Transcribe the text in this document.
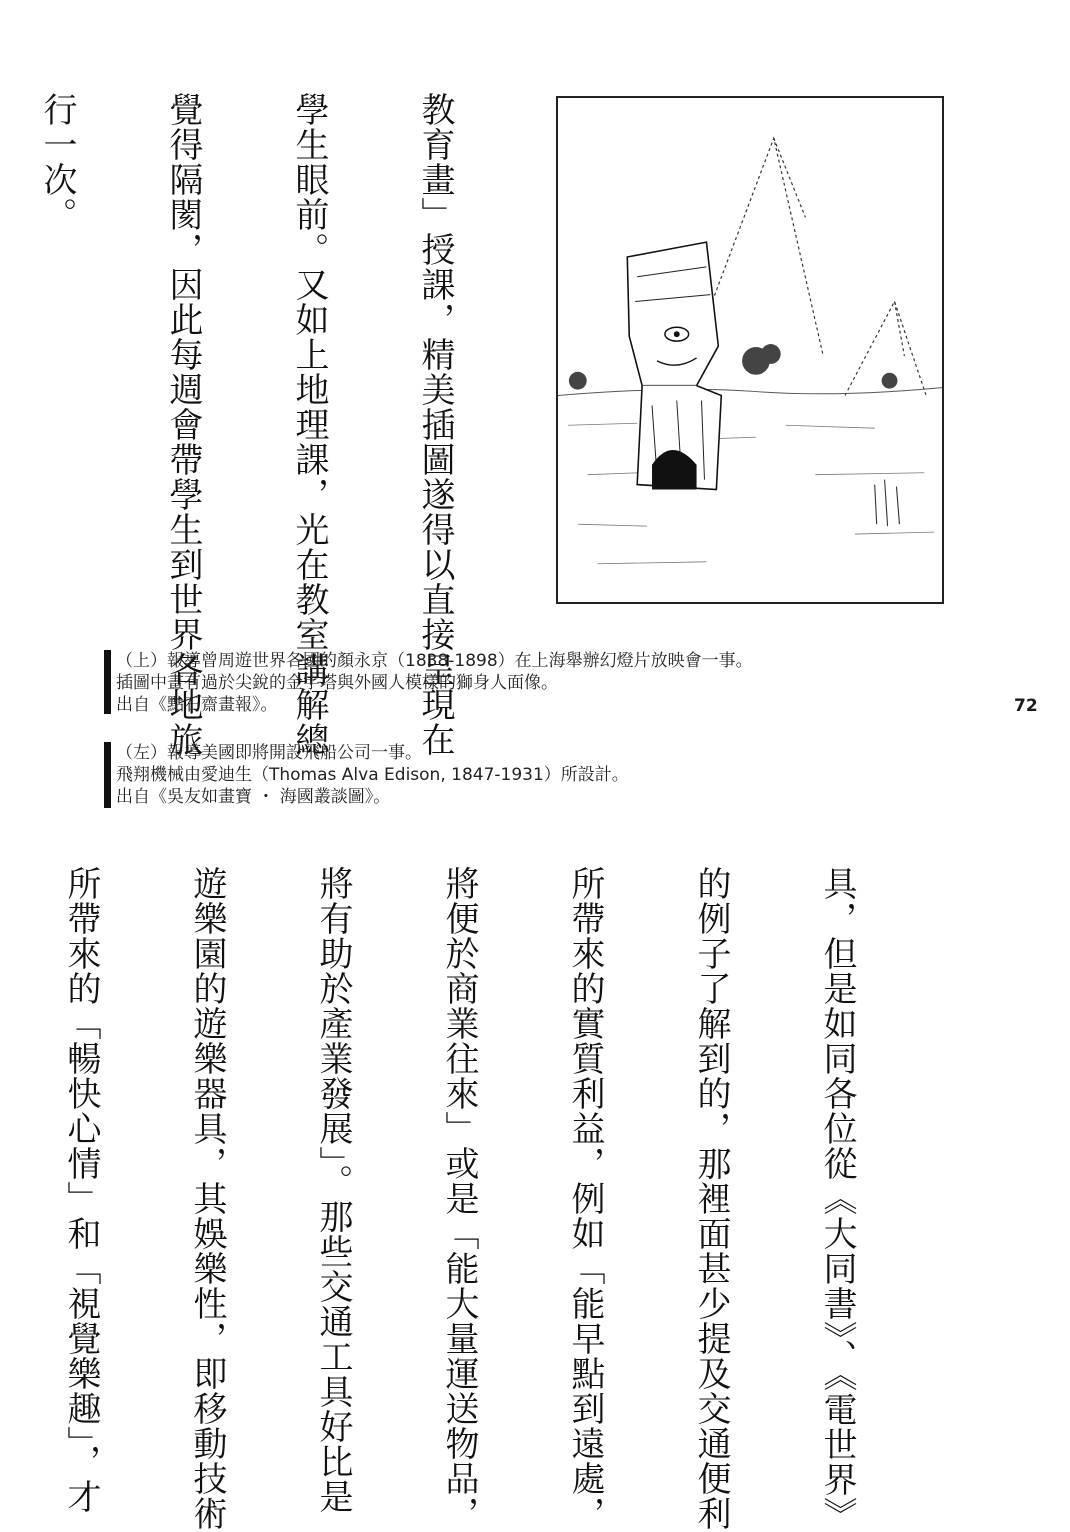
教育畫」授課，精美插圖遂得以直接呈現在

學生眼前。又如上地理課，光在教室講解總

覺得隔閡，因此每週會帶學生到世界各地旅

行一次。

（上）報導曾周遊世界各國的顏永京（1838-1898）在上海舉辦幻燈片放映會一事。
插圖中畫有過於尖銳的金字塔與外國人模樣的獅身人面像。
出自《點石齋畫報》。	72
（左）報導美國即將開設飛船公司一事。
飛翔機械由愛迪生（Thomas Alva Edison, 1847-1931）所設計。
出自《吳友如畫寶 ・ 海國叢談圖》。

具，但是如同各位從《大同書》、《電世界》

的例子了解到的，那裡面甚少提及交通便利

所帶來的實質利益，例如「能早點到遠處，

將便於商業往來」或是「能大量運送物品，

將有助於產業發展」。那些交通工具好比是

遊樂園的遊樂器具，其娛樂性，即移動技術

所帶來的「暢快心情」和「視覺樂趣」，才
